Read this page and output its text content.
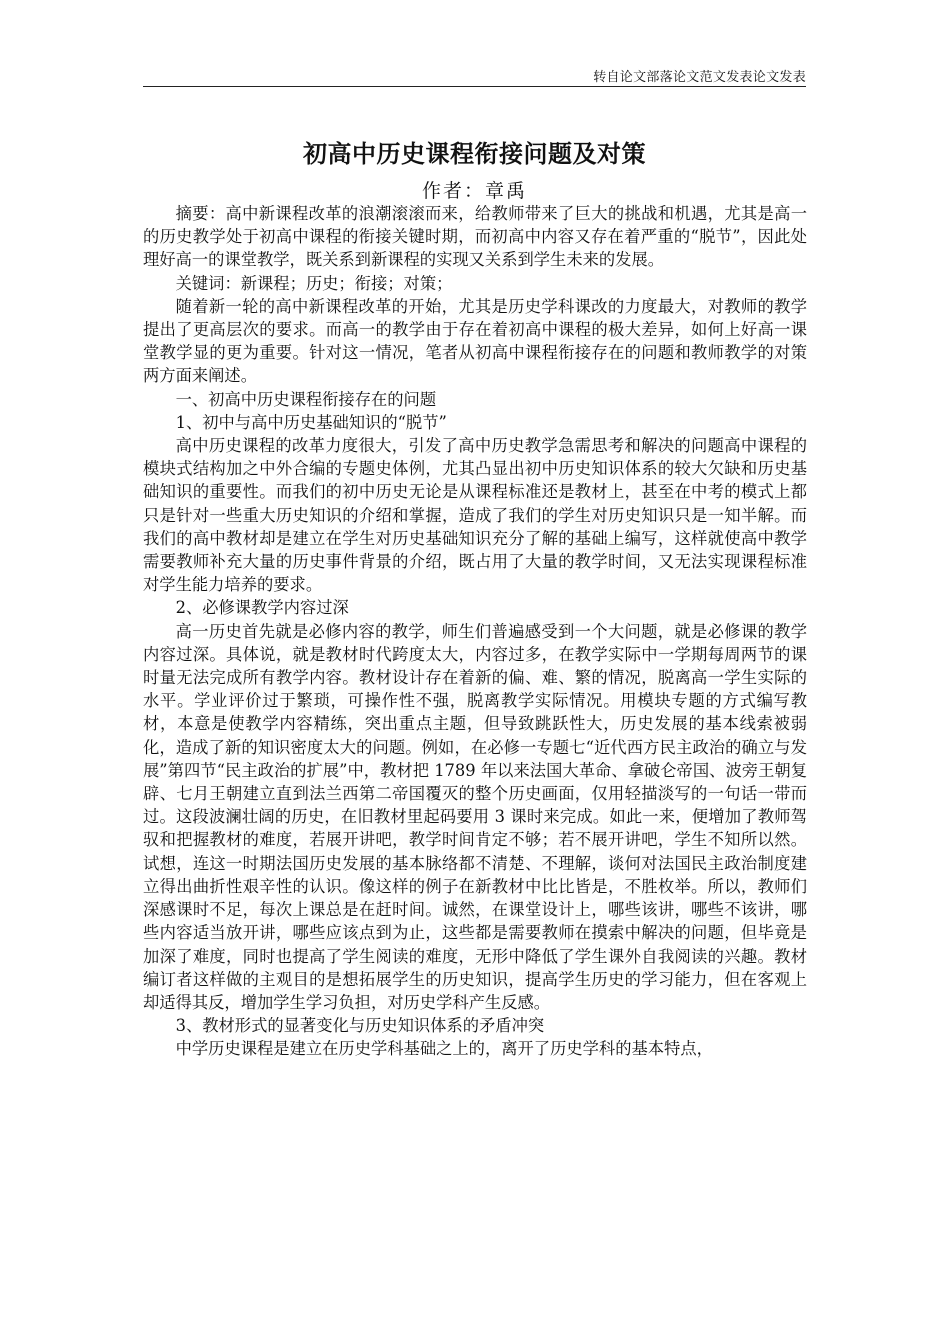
转自论文部落论文范文发表论文发表
初高中历史课程衔接问题及对策
作者：章禹

摘要：高中新课程改革的浪潮滚滚而来，给教师带来了巨大的挑战和机遇，尤其是高一的历史教学处于初高中课程的衔接关键时期，而初高中内容又存在着严重的“脱节”，因此处理好高一的课堂教学，既关系到新课程的实现又关系到学生未来的发展。

关键词：新课程；历史；衔接；对策；

随着新一轮的高中新课程改革的开始，尤其是历史学科课改的力度最大，对教师的教学提出了更高层次的要求。而高一的教学由于存在着初高中课程的极大差异，如何上好高一课堂教学显的更为重要。针对这一情况，笔者从初高中课程衔接存在的问题和教师教学的对策两方面来阐述。

一、初高中历史课程衔接存在的问题

1、初中与高中历史基础知识的“脱节”

高中历史课程的改革力度很大，引发了高中历史教学急需思考和解决的问题高中课程的模块式结构加之中外合编的专题史体例，尤其凸显出初中历史知识体系的较大欠缺和历史基础知识的重要性。而我们的初中历史无论是从课程标准还是教材上，甚至在中考的模式上都只是针对一些重大历史知识的介绍和掌握，造成了我们的学生对历史知识只是一知半解。而我们的高中教材却是建立在学生对历史基础知识充分了解的基础上编写，这样就使高中教学需要教师补充大量的历史事件背景的介绍，既占用了大量的教学时间，又无法实现课程标准对学生能力培养的要求。

2、必修课教学内容过深

高一历史首先就是必修内容的教学，师生们普遍感受到一个大问题，就是必修课的教学内容过深。具体说，就是教材时代跨度太大，内容过多，在教学实际中一学期每周两节的课时量无法完成所有教学内容。教材设计存在着新的偏、难、繁的情况，脱离高一学生实际的水平。学业评价过于繁琐，可操作性不强，脱离教学实际情况。用模块专题的方式编写教材，本意是使教学内容精练，突出重点主题，但导致跳跃性大，历史发展的基本线索被弱化，造成了新的知识密度太大的问题。例如，在必修一专题七“近代西方民主政治的确立与发展”第四节“民主政治的扩展”中，教材把 1789 年以来法国大革命、拿破仑帝国、波旁王朝复辟、七月王朝建立直到法兰西第二帝国覆灭的整个历史画面，仅用轻描淡写的一句话一带而过。这段波澜壮阔的历史，在旧教材里起码要用 3 课时来完成。如此一来，便增加了教师驾驭和把握教材的难度，若展开讲吧，教学时间肯定不够；若不展开讲吧，学生不知所以然。试想，连这一时期法国历史发展的基本脉络都不清楚、不理解，谈何对法国民主政治制度建立得出曲折性艰辛性的认识。像这样的例子在新教材中比比皆是，不胜枚举。所以，教师们深感课时不足，每次上课总是在赶时间。诚然，在课堂设计上，哪些该讲，哪些不该讲，哪些内容适当放开讲，哪些应该点到为止，这些都是需要教师在摸索中解决的问题，但毕竟是加深了难度，同时也提高了学生阅读的难度，无形中降低了学生课外自我阅读的兴趣。教材编订者这样做的主观目的是想拓展学生的历史知识，提高学生历史的学习能力，但在客观上却适得其反，增加学生学习负担，对历史学科产生反感。

3、教材形式的显著变化与历史知识体系的矛盾冲突

中学历史课程是建立在历史学科基础之上的，离开了历史学科的基本特点，
